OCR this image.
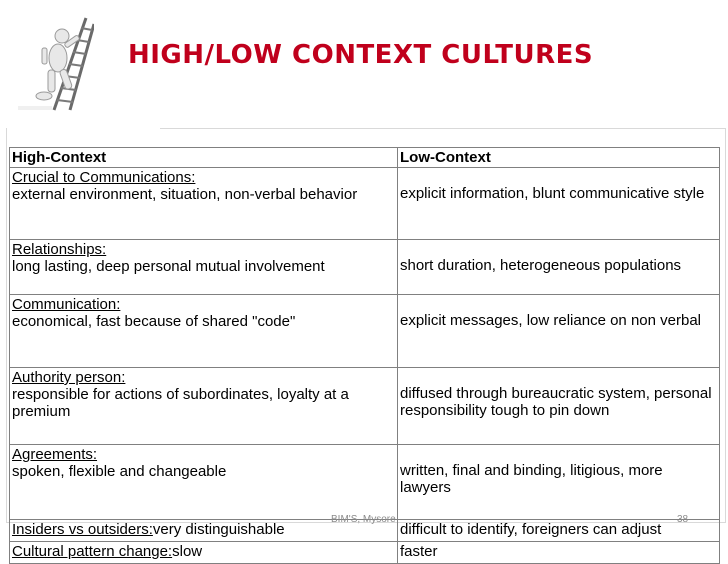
HIGH/LOW CONTEXT CULTURES
High-Context	Low-Context

Crucial to Communications:
external environment, situation, non-verbal behavior	explicit information, blunt communicative style

Relationships:
long lasting, deep personal mutual involvement	short duration, heterogeneous populations

Communication:
economical, fast because of shared "code"	explicit messages, low reliance on non verbal

Authority person:
responsible for actions of subordinates, loyalty at a premium	diffused through bureaucratic system, personal responsibility tough to pin down

Agreements:
spoken, flexible and changeable	written, final and binding, litigious, more lawyers
Insiders vs outsiders:very distinguishable	difficult to identify, foreigners can adjust
Cultural pattern change:slow	faster
BIM'S, Mysore	38
